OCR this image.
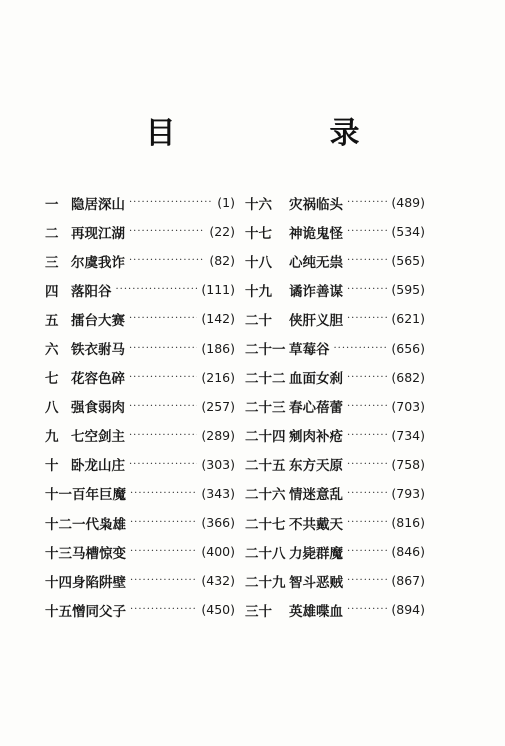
目　录
一 隐居深山 ·····	(1)
二 再现江湖 ·····	(22)
三 尔虞我诈 ·····	(82)
四 落阳谷 ·····	(111)
五 擂台大赛 ·····	(142)
六 铁衣驸马 ·····	(186)
七 花容色碎 ·····	(216)
八 强食弱肉 ·····	(257)
九 七空剑主 ·····	(289)
十 卧龙山庄 ·····	(303)
十一 百年巨魔 ·····	(343)
十二 一代枭雄 ·····	(366)
十三 马槽惊变 ·····	(400)
十四 身陷阱壁 ·····	(432)
十五 憎同父子 ·····	(450)
十六	灾祸临头 ·····	(489)
十七	神诡鬼怪 ·····	(534)
十八	心纯无祟 ·····	(565)
十九	谲诈善谋 ·····	(595)
二十	侠肝义胆 ·····	(621)
二十一 草莓谷 ·····	(656)
二十二 血面女刹 ·····	(682)
二十三 春心蓓蕾 ·····	(703)
二十四 剜肉补疮 ·····	(734)
二十五 东方天原 ·····	(758)
二十六 情迷意乱 ·····	(793)
二十七 不共戴天 ·····	(816)
二十八 力毙群魔 ·····	(846)
二十九 智斗恶贼 ·····	(867)
三十	英雄喋血 ·····	(894)
